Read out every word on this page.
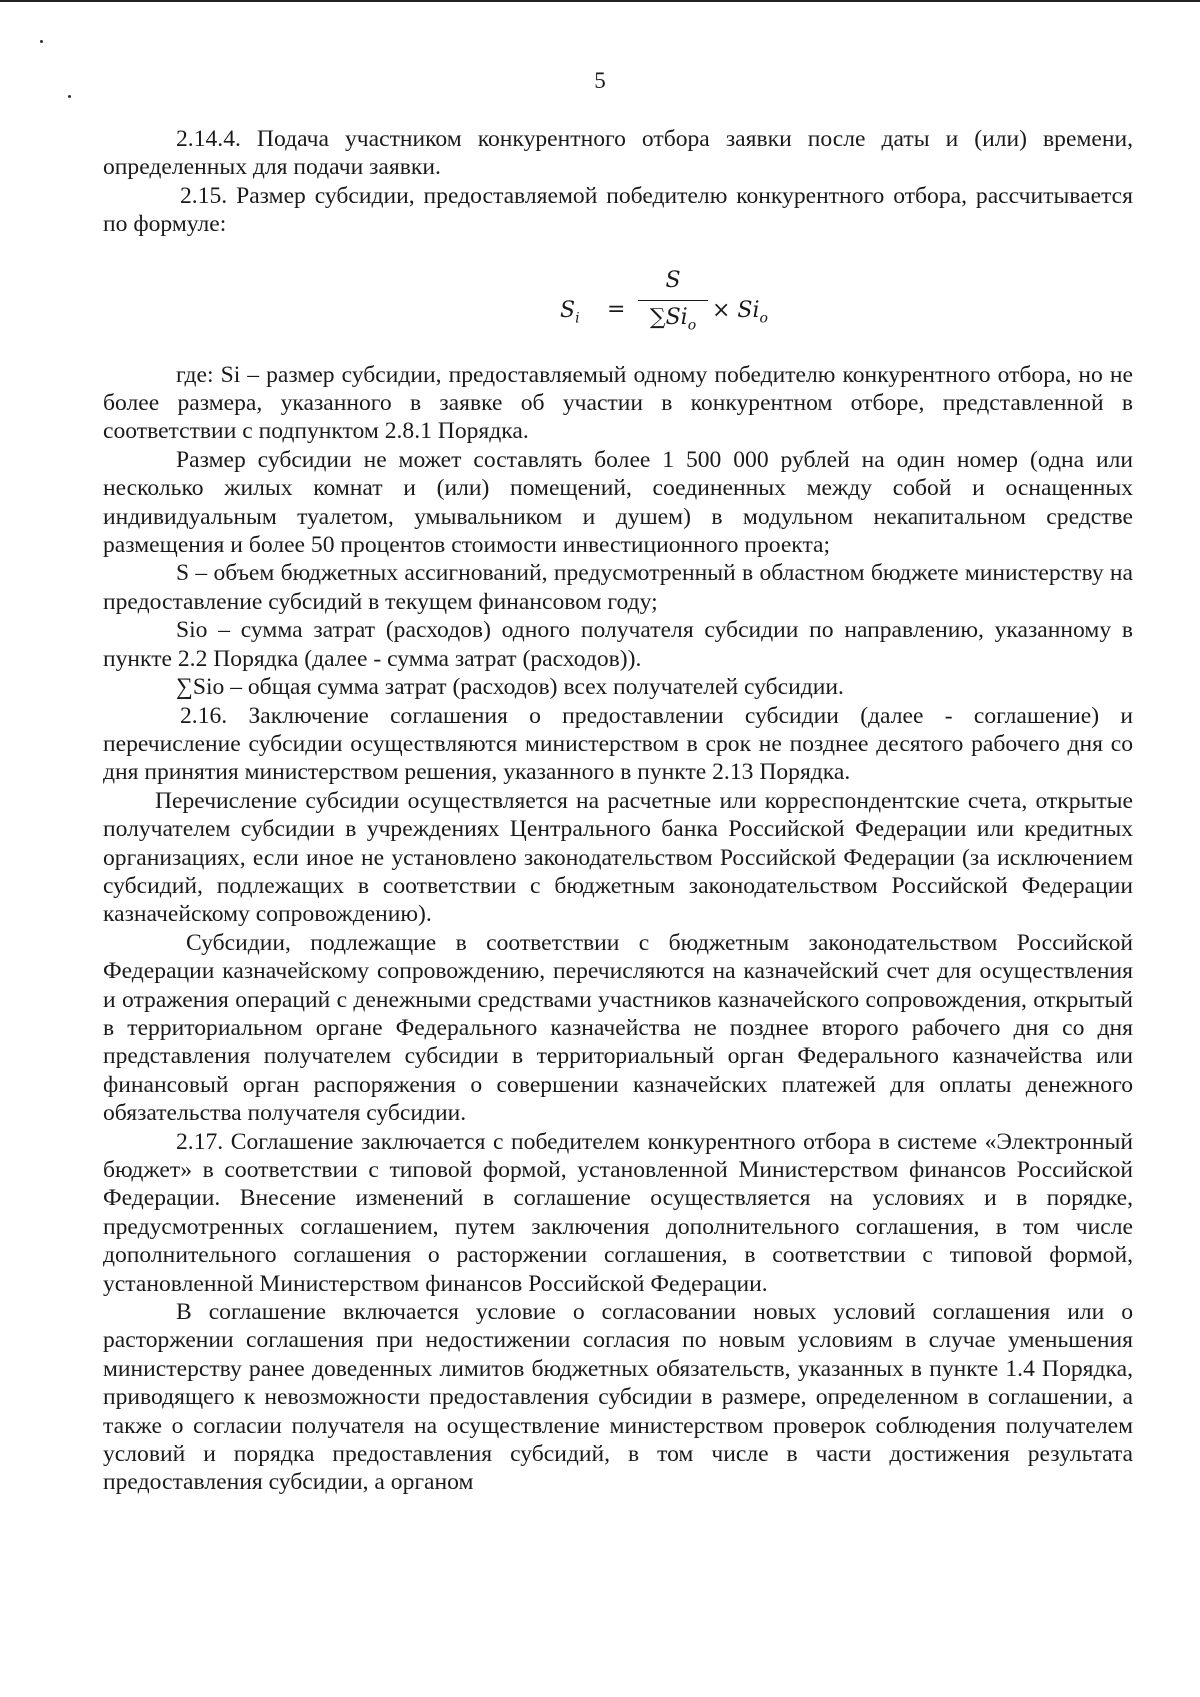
5

2.14.4. Подача участником конкурентного отбора заявки после даты и (или) времени, определенных для подачи заявки.

2.15. Размер субсидии, предоставляемой победителю конкурентного отбора, рассчитывается по формуле:

$S_i$ =
S
$\sum Si_o$
× $Si_o$

где: Si – размер субсидии, предоставляемый одному победителю конкурентного отбора, но не более размера, указанного в заявке об участии в конкурентном отборе, представленной в соответствии с подпунктом 2.8.1 Порядка.

Размер субсидии не может составлять более 1 500 000 рублей на один номер (одна или несколько жилых комнат и (или) помещений, соединенных между собой и оснащенных индивидуальным туалетом, умывальником и душем) в модульном некапитальном средстве размещения и более 50 процентов стоимости инвестиционного проекта;

S – объем бюджетных ассигнований, предусмотренный в областном бюджете министерству на предоставление субсидий в текущем финансовом году;

Sio – сумма затрат (расходов) одного получателя субсидии по направлению, указанному в пункте 2.2 Порядка (далее - сумма затрат (расходов)).

∑Sio – общая сумма затрат (расходов) всех получателей субсидии.

2.16. Заключение соглашения о предоставлении субсидии (далее - соглашение) и перечисление субсидии осуществляются министерством в срок не позднее десятого рабочего дня со дня принятия министерством решения, указанного в пункте 2.13 Порядка.

Перечисление субсидии осуществляется на расчетные или корреспондентские счета, открытые получателем субсидии в учреждениях Центрального банка Российской Федерации или кредитных организациях, если иное не установлено законодательством Российской Федерации (за исключением субсидий, подлежащих в соответствии с бюджетным законодательством Российской Федерации казначейскому сопровождению).

Субсидии, подлежащие в соответствии с бюджетным законодательством Российской Федерации казначейскому сопровождению, перечисляются на казначейский счет для осуществления и отражения операций с денежными средствами участников казначейского сопровождения, открытый в территориальном органе Федерального казначейства не позднее второго рабочего дня со дня представления получателем субсидии в территориальный орган Федерального казначейства или финансовый орган распоряжения о совершении казначейских платежей для оплаты денежного обязательства получателя субсидии.

2.17. Соглашение заключается с победителем конкурентного отбора в системе «Электронный бюджет» в соответствии с типовой формой, установленной Министерством финансов Российской Федерации. Внесение изменений в соглашение осуществляется на условиях и в порядке, предусмотренных соглашением, путем заключения дополнительного соглашения, в том числе дополнительного соглашения о расторжении соглашения, в соответствии с типовой формой, установленной Министерством финансов Российской Федерации.

В соглашение включается условие о согласовании новых условий соглашения или о расторжении соглашения при недостижении согласия по новым условиям в случае уменьшения министерству ранее доведенных лимитов бюджетных обязательств, указанных в пункте 1.4 Порядка, приводящего к невозможности предоставления субсидии в размере, определенном в соглашении, а также о согласии получателя на осуществление министерством проверок соблюдения получателем условий и порядка предоставления субсидий, в том числе в части достижения результата предоставления субсидии, а органом
